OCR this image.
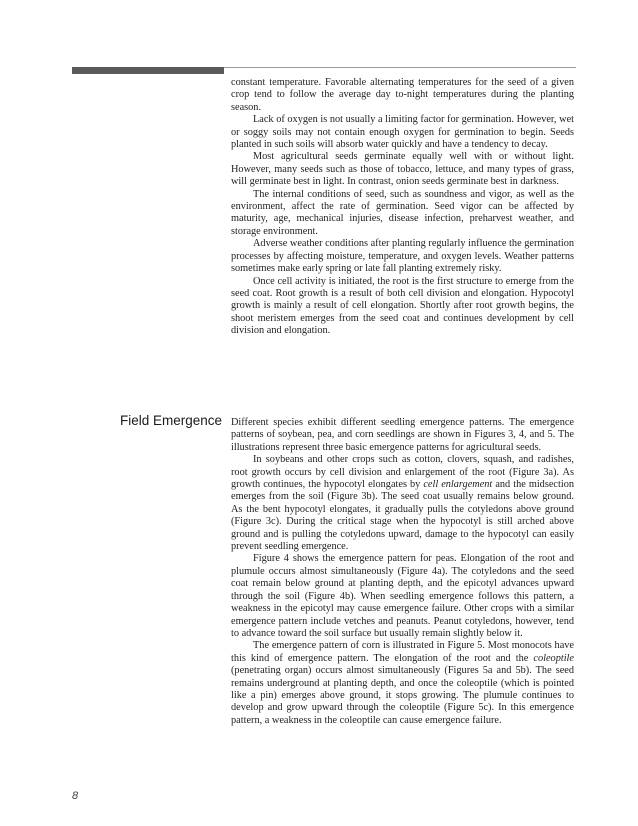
constant temperature. Favorable alternating temperatures for the seed of a given crop tend to follow the average day to-night temperatures during the planting season.

Lack of oxygen is not usually a limiting factor for germination. However, wet or soggy soils may not contain enough oxygen for germination to begin. Seeds planted in such soils will absorb water quickly and have a tendency to decay.

Most agricultural seeds germinate equally well with or without light. However, many seeds such as those of tobacco, lettuce, and many types of grass, will germinate best in light. In contrast, onion seeds germinate best in darkness.

The internal conditions of seed, such as soundness and vigor, as well as the environment, affect the rate of germination. Seed vigor can be affected by maturity, age, mechanical injuries, disease infection, preharvest weather, and storage environment.

Adverse weather conditions after planting regularly influence the germination processes by affecting moisture, temperature, and oxygen levels. Weather patterns sometimes make early spring or late fall planting extremely risky.

Once cell activity is initiated, the root is the first structure to emerge from the seed coat. Root growth is a result of both cell division and elongation. Hypocotyl growth is mainly a result of cell elongation. Shortly after root growth begins, the shoot meristem emerges from the seed coat and continues development by cell division and elongation.

Field Emergence Different species exhibit different seedling emergence patterns. The emergence patterns of soybean, pea, and corn seedlings are shown in Figures 3, 4, and 5. The illustrations represent three basic emergence patterns for agricultural seeds.

In soybeans and other crops such as cotton, clovers, squash, and radishes, root growth occurs by cell division and enlargement of the root (Figure 3a). As growth continues, the hypocotyl elongates by cell enlargement and the midsection emerges from the soil (Figure 3b). The seed coat usually remains below ground. As the bent hypocotyl elongates, it gradually pulls the cotyledons above ground (Figure 3c). During the critical stage when the hypocotyl is still arched above ground and is pulling the cotyledons upward, damage to the hypocotyl can easily prevent seedling emergence.

Figure 4 shows the emergence pattern for peas. Elongation of the root and plumule occurs almost simultaneously (Figure 4a). The cotyledons and the seed coat remain below ground at planting depth, and the epicotyl advances upward through the soil (Figure 4b). When seedling emergence follows this pattern, a weakness in the epicotyl may cause emergence failure. Other crops with a similar emergence pattern include vetches and peanuts. Peanut cotyledons, however, tend to advance toward the soil surface but usually remain slightly below it.

The emergence pattern of corn is illustrated in Figure 5. Most monocots have this kind of emergence pattern. The elongation of the root and the coleoptile (penetrating organ) occurs almost simultaneously (Figures 5a and 5b). The seed remains underground at planting depth, and once the coleoptile (which is pointed like a pin) emerges above ground, it stops growing. The plumule continues to develop and grow upward through the coleoptile (Figure 5c). In this emergence pattern, a weakness in the coleoptile can cause emergence failure.

8
